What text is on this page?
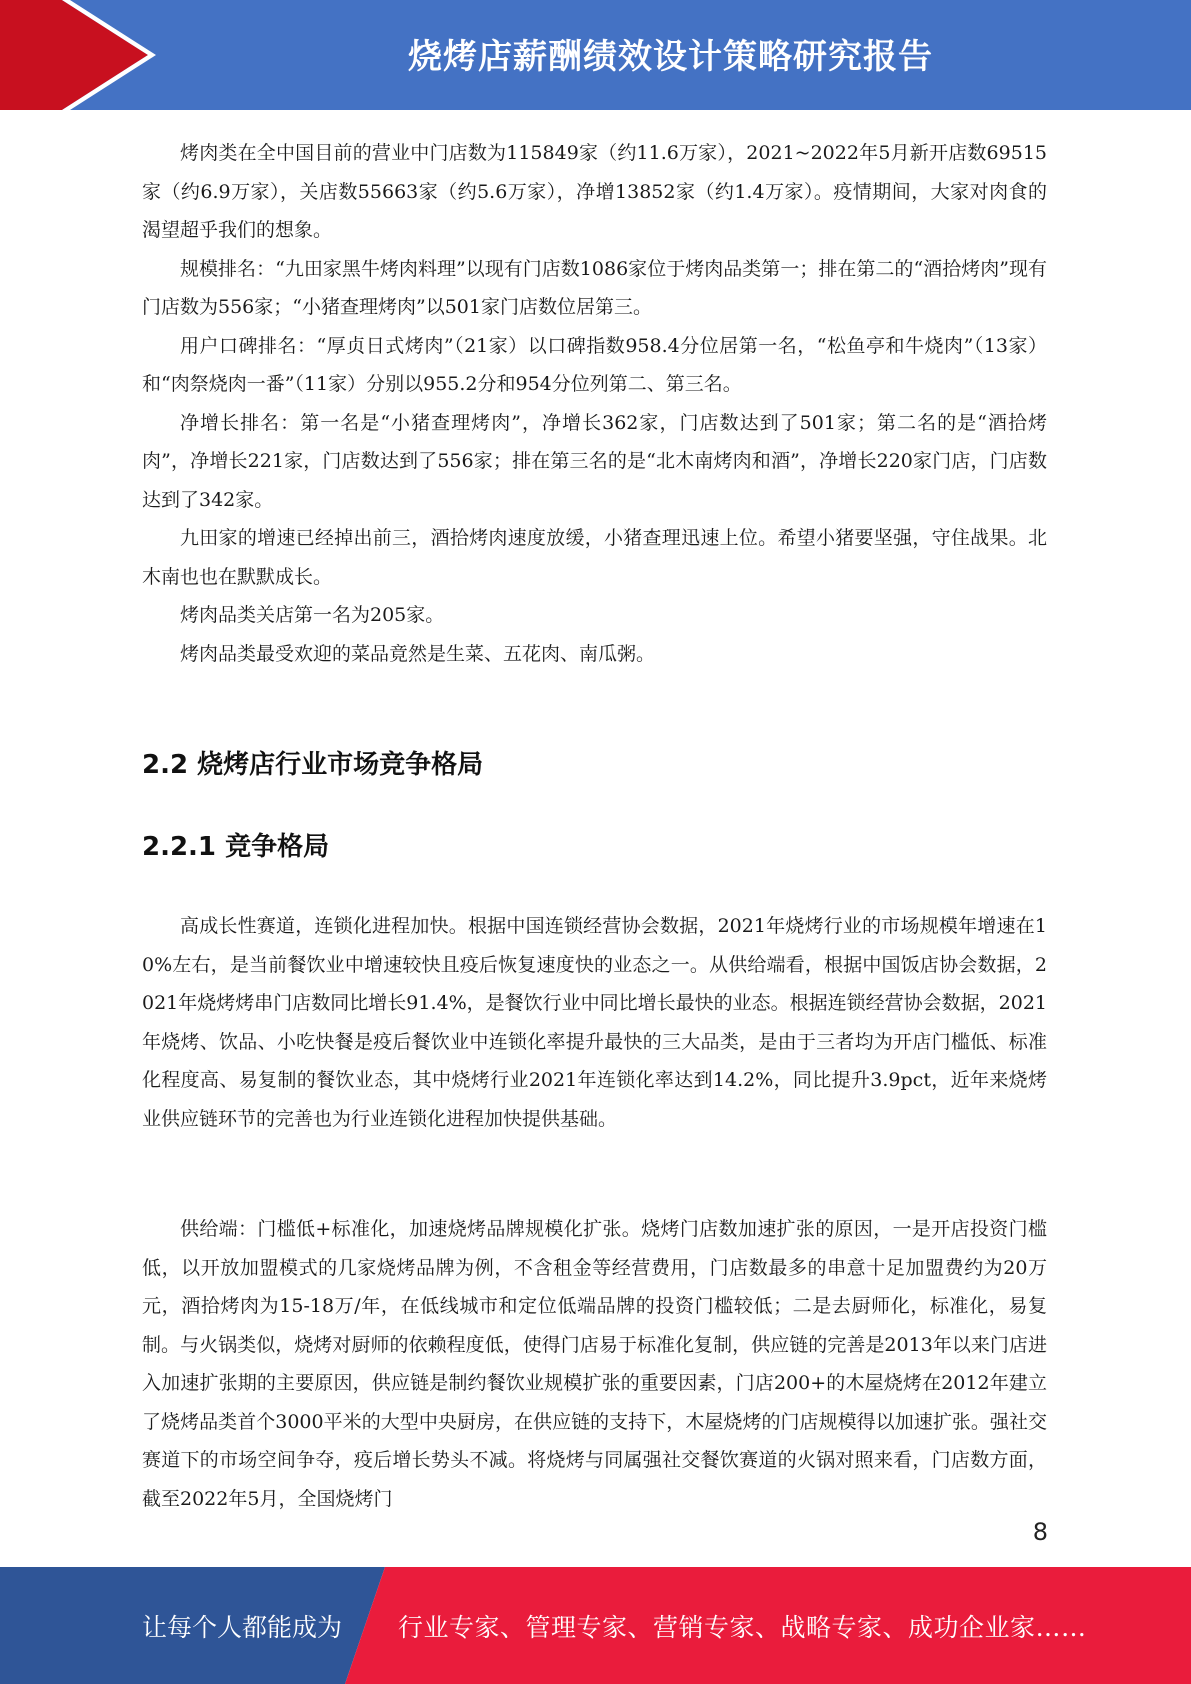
烧烤店薪酬绩效设计策略研究报告

烤肉类在全中国目前的营业中门店数为115849家（约11.6万家），2021~2022年5月新开店数69515家（约6.9万家），关店数55663家（约5.6万家），净增13852家（约1.4万家）。疫情期间，大家对肉食的渴望超乎我们的想象。

规模排名：“九田家黑牛烤肉料理”以现有门店数1086家位于烤肉品类第一；排在第二的“酒拾烤肉”现有门店数为556家；“小猪查理烤肉”以501家门店数位居第三。

用户口碑排名：“厚贞日式烤肉”（21家）以口碑指数958.4分位居第一名，“松鱼亭和牛烧肉”（13家）和“肉祭烧肉一番”（11家）分别以955.2分和954分位列第二、第三名。

净增长排名：第一名是“小猪查理烤肉”，净增长362家，门店数达到了501家；第二名的是“酒拾烤肉”，净增长221家，门店数达到了556家；排在第三名的是“北木南烤肉和酒”，净增长220家门店，门店数达到了342家。

九田家的增速已经掉出前三，酒拾烤肉速度放缓，小猪查理迅速上位。希望小猪要坚强，守住战果。北木南也也在默默成长。

烤肉品类关店第一名为205家。

烤肉品类最受欢迎的菜品竟然是生菜、五花肉、南瓜粥。

2.2 烧烤店行业市场竞争格局
2.2.1 竞争格局

高成长性赛道，连锁化进程加快。根据中国连锁经营协会数据，2021年烧烤行业的市场规模年增速在10%左右，是当前餐饮业中增速较快且疫后恢复速度快的业态之一。从供给端看，根据中国饭店协会数据，2021年烧烤烤串门店数同比增长91.4%，是餐饮行业中同比增长最快的业态。根据连锁经营协会数据，2021年烧烤、饮品、小吃快餐是疫后餐饮业中连锁化率提升最快的三大品类，是由于三者均为开店门槛低、标准化程度高、易复制的餐饮业态，其中烧烤行业2021年连锁化率达到14.2%，同比提升3.9pct，近年来烧烤业供应链环节的完善也为行业连锁化进程加快提供基础。

供给端：门槛低+标准化，加速烧烤品牌规模化扩张。烧烤门店数加速扩张的原因，一是开店投资门槛低，以开放加盟模式的几家烧烤品牌为例，不含租金等经营费用，门店数最多的串意十足加盟费约为20万元，酒拾烤肉为15-18万/年，在低线城市和定位低端品牌的投资门槛较低；二是去厨师化，标准化，易复制。与火锅类似，烧烤对厨师的依赖程度低，使得门店易于标准化复制，供应链的完善是2013年以来门店进入加速扩张期的主要原因，供应链是制约餐饮业规模扩张的重要因素，门店200+的木屋烧烤在2012年建立了烧烤品类首个3000平米的大型中央厨房，在供应链的支持下，木屋烧烤的门店规模得以加速扩张。强社交赛道下的市场空间争夺，疫后增长势头不减。将烧烤与同属强社交餐饮赛道的火锅对照来看，门店数方面，截至2022年5月，全国烧烤门

8
让每个人都能成为 行业专家、管理专家、营销专家、战略专家、成功企业家……
